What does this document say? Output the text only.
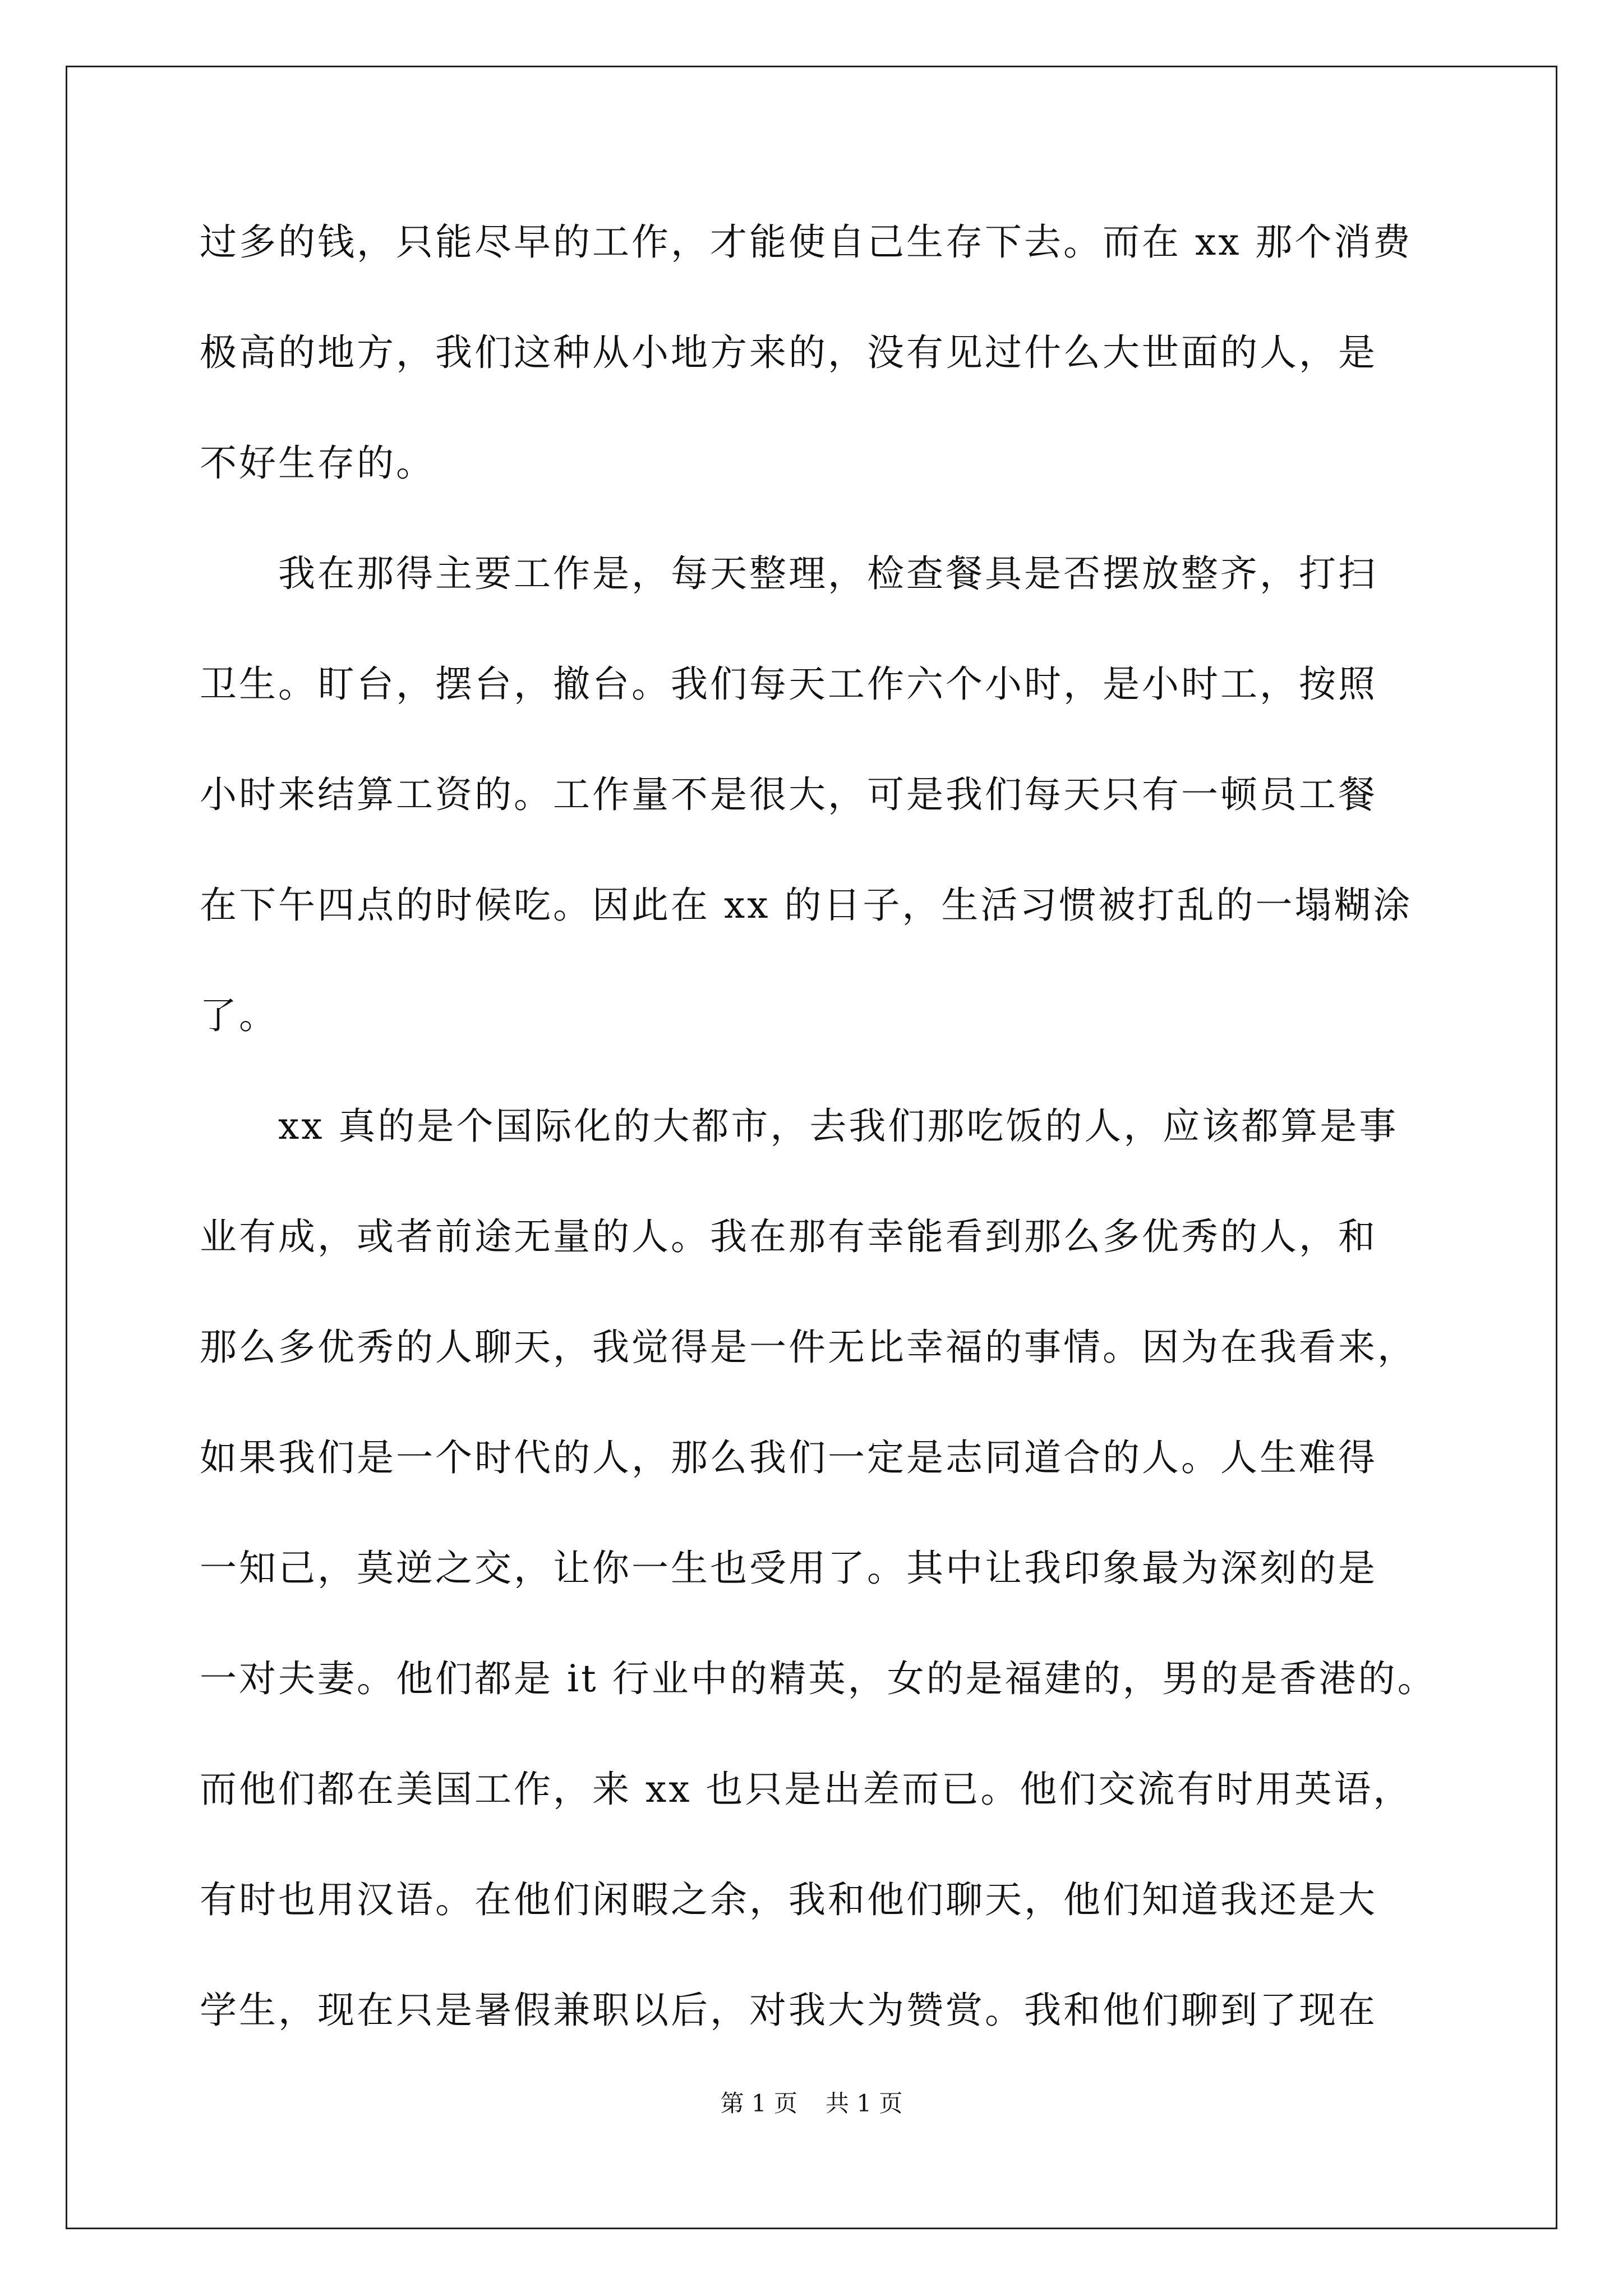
过多的钱，只能尽早的工作，才能使自己生存下去。而在 xx 那个消费
极高的地方，我们这种从小地方来的，没有见过什么大世面的人，是
不好生存的。
我在那得主要工作是，每天整理，检查餐具是否摆放整齐，打扫
卫生。盯台，摆台，撤台。我们每天工作六个小时，是小时工，按照
小时来结算工资的。工作量不是很大，可是我们每天只有一顿员工餐
在下午四点的时候吃。因此在 xx 的日子，生活习惯被打乱的一塌糊涂
了。
xx 真的是个国际化的大都市，去我们那吃饭的人，应该都算是事
业有成，或者前途无量的人。我在那有幸能看到那么多优秀的人，和
那么多优秀的人聊天，我觉得是一件无比幸福的事情。因为在我看来，
如果我们是一个时代的人，那么我们一定是志同道合的人。人生难得
一知己，莫逆之交，让你一生也受用了。其中让我印象最为深刻的是
一对夫妻。他们都是 it 行业中的精英，女的是福建的，男的是香港的。
而他们都在美国工作，来 xx 也只是出差而已。他们交流有时用英语，
有时也用汉语。在他们闲暇之余，我和他们聊天，他们知道我还是大
学生，现在只是暑假兼职以后，对我大为赞赏。我和他们聊到了现在
第 1 页 共 1 页
